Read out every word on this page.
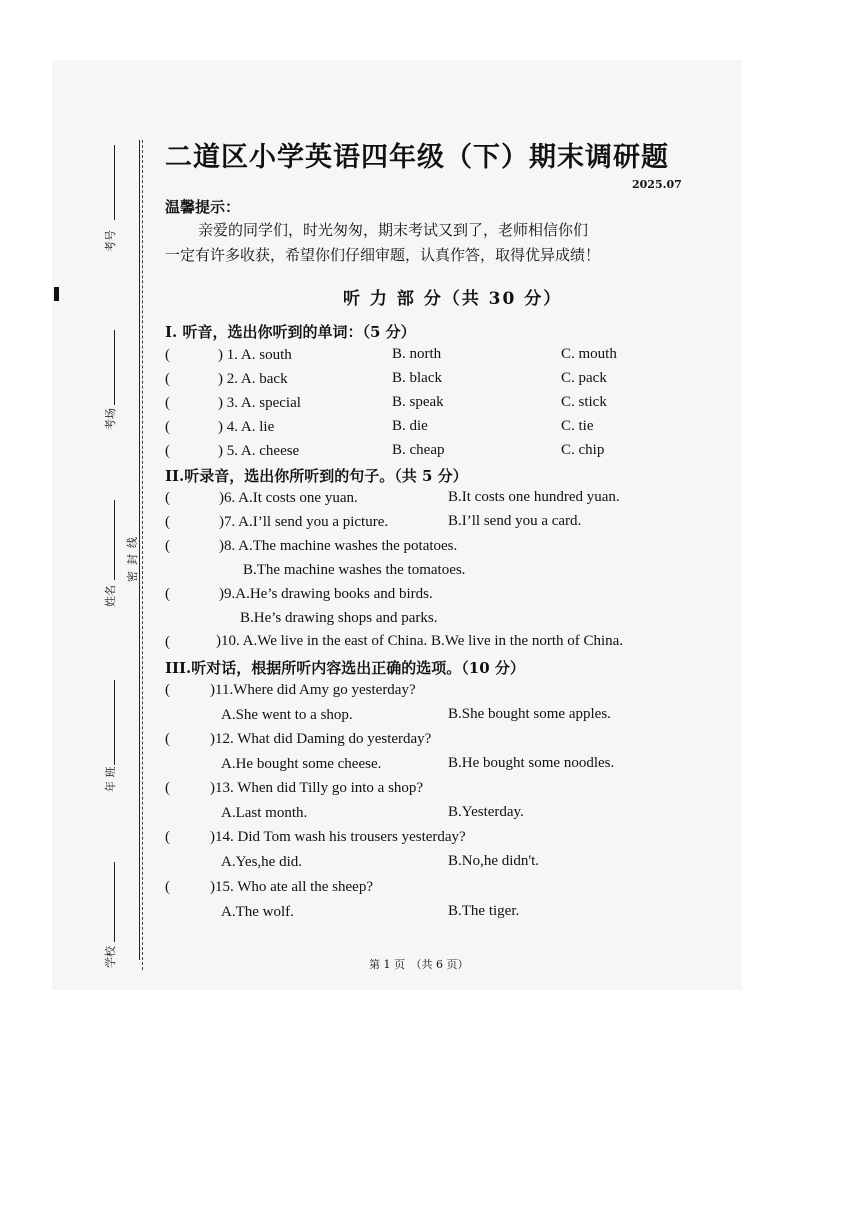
考号
考场
姓名
密封线
年 班
学校
二道区小学英语四年级（下）期末调研题
2025.07
温馨提示：
亲爱的同学们，时光匆匆，期末考试又到了，老师相信你们
一定有许多收获，希望你们仔细审题，认真作答，取得优异成绩！
听 力 部 分（共 30 分）
I. 听音，选出你听到的单词：（5 分）
(	) 1. A. south	B. north	C. mouth
(	) 2. A. back	B. black	C. pack
(	) 3. A. special	B. speak	C. stick
(	) 4. A. lie	B. die	C. tie
(	) 5. A. cheese	B. cheap	C. chip
II.听录音，选出你所听到的句子。（共 5 分）
(	)6. A.It costs one yuan.	B.It costs one hundred yuan.
(	)7. A.I’ll send you a picture.	B.I’ll send you a card.
(	)8. A.The machine washes the potatoes.
B.The machine washes the tomatoes.
(	)9.A.He’s drawing books and birds.
B.He’s drawing shops and parks.
(	)10. A.We live in the east of China. B.We live in the north of China.
III.听对话，根据所听内容选出正确的选项。（10 分）
(	)11.Where did Amy go yesterday?
A.She went to a shop.	B.She bought some apples.
(	)12. What did Daming do yesterday?
A.He bought some cheese.	B.He bought some noodles.
(	)13. When did Tilly go into a shop?
A.Last month.	B.Yesterday.
(	)14. Did Tom wash his trousers yesterday?
A.Yes,he did.	B.No,he didn't.
(	)15. Who ate all the sheep?
A.The wolf.	B.The tiger.
第 1 页　（共 6 页）
